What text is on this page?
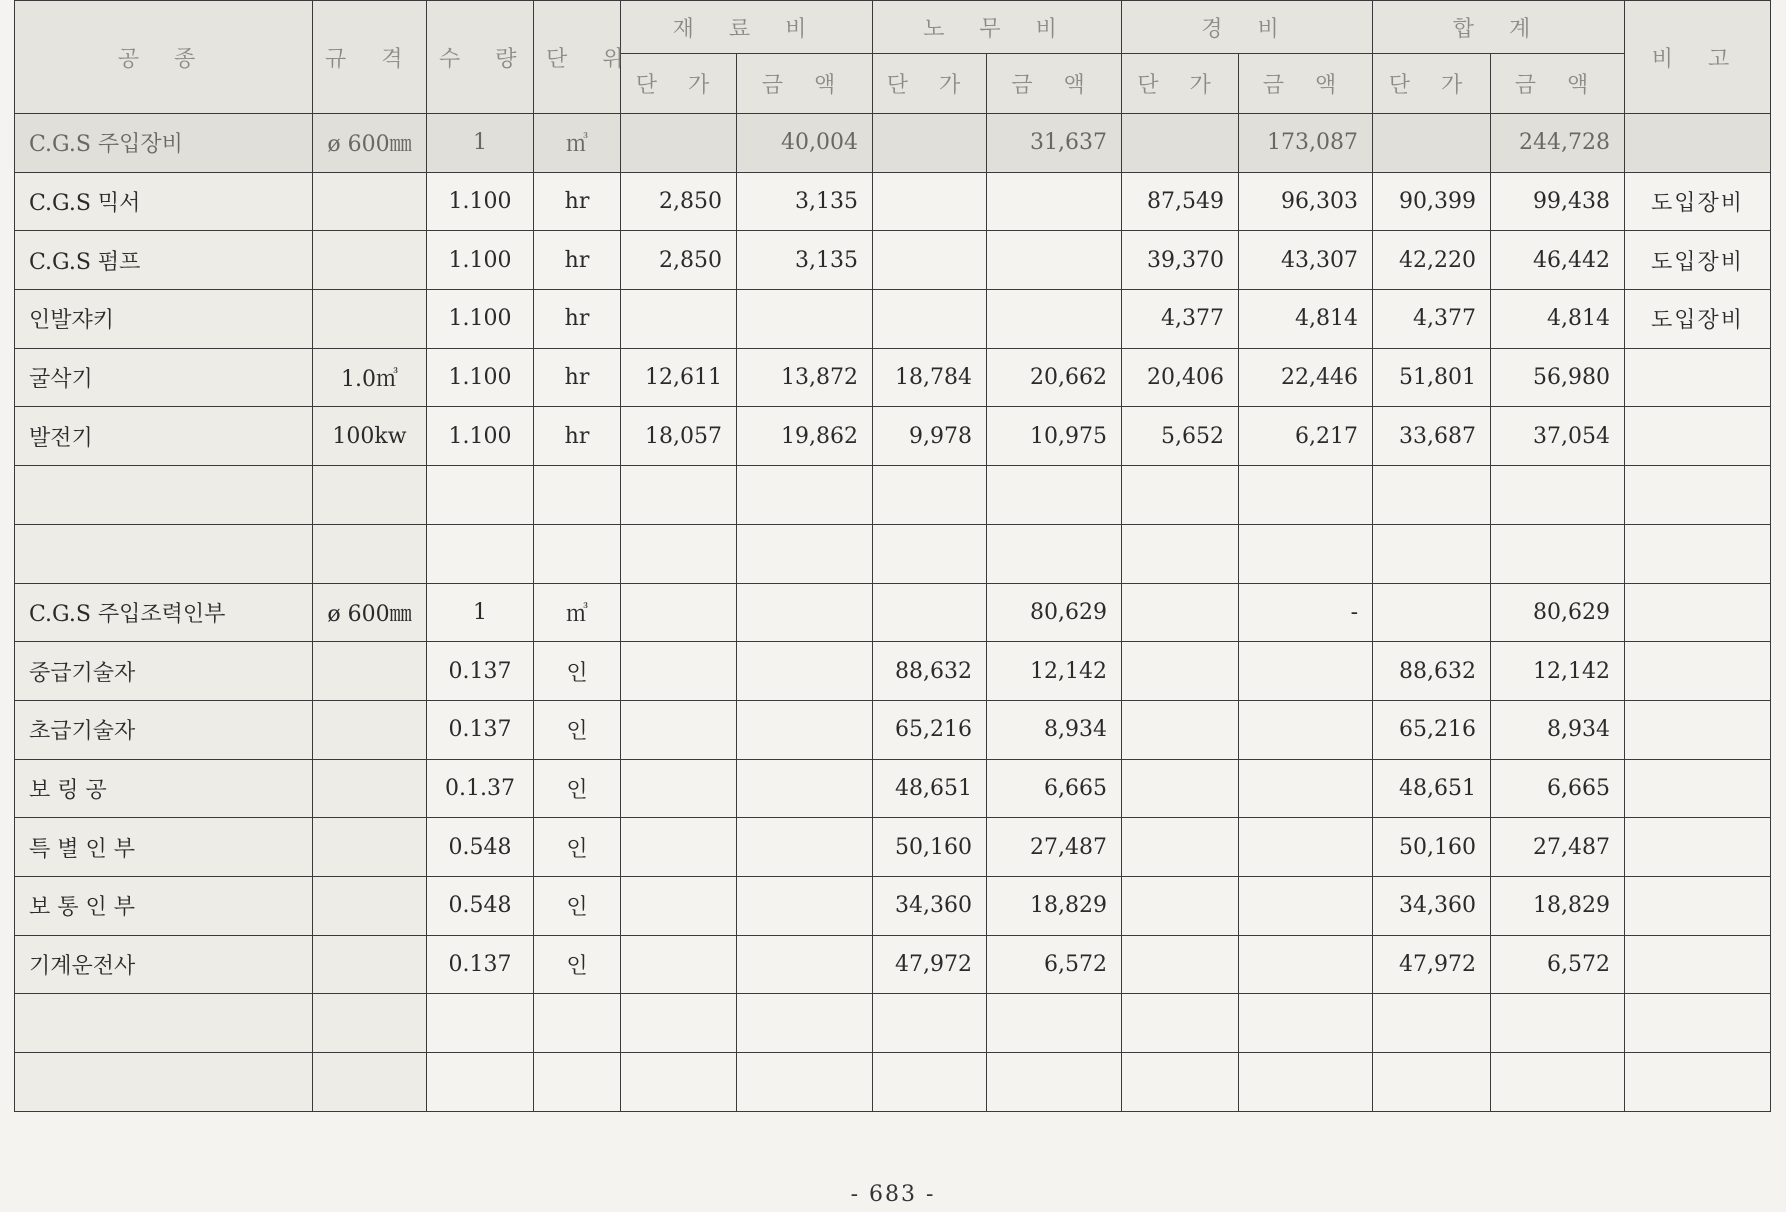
공 종	규 격	수 량	단 위	재 료 비		노 무 비		경 비		합 계		비 고
				단 가	금 액	단 가	금 액	단 가	금 액	단 가	금 액	
C.G.S 주입장비	ø 600㎜	1	㎥		40,004		31,637		173,087		244,728	
C.G.S 믹서		1.100	hr	2,850	3,135			87,549	96,303	90,399	99,438	도입장비
C.G.S 펌프		1.100	hr	2,850	3,135			39,370	43,307	42,220	46,442	도입장비
인발쟈키		1.100	hr					4,377	4,814	4,377	4,814	도입장비
굴삭기	1.0㎥	1.100	hr	12,611	13,872	18,784	20,662	20,406	22,446	51,801	56,980	
발전기	100kw	1.100	hr	18,057	19,862	9,978	10,975	5,652	6,217	33,687	37,054	

C.G.S 주입조력인부	ø 600㎜	1	㎥				80,629		-		80,629	
중급기술자		0.137	인			88,632	12,142			88,632	12,142	
초급기술자		0.137	인			65,216	8,934			65,216	8,934	
보 링 공		0.1.37	인			48,651	6,665			48,651	6,665	
특 별 인 부		0.548	인			50,160	27,487			50,160	27,487	
보 통 인 부		0.548	인			34,360	18,829			34,360	18,829	
기계운전사		0.137	인			47,972	6,572			47,972	6,572	

- 683 -
